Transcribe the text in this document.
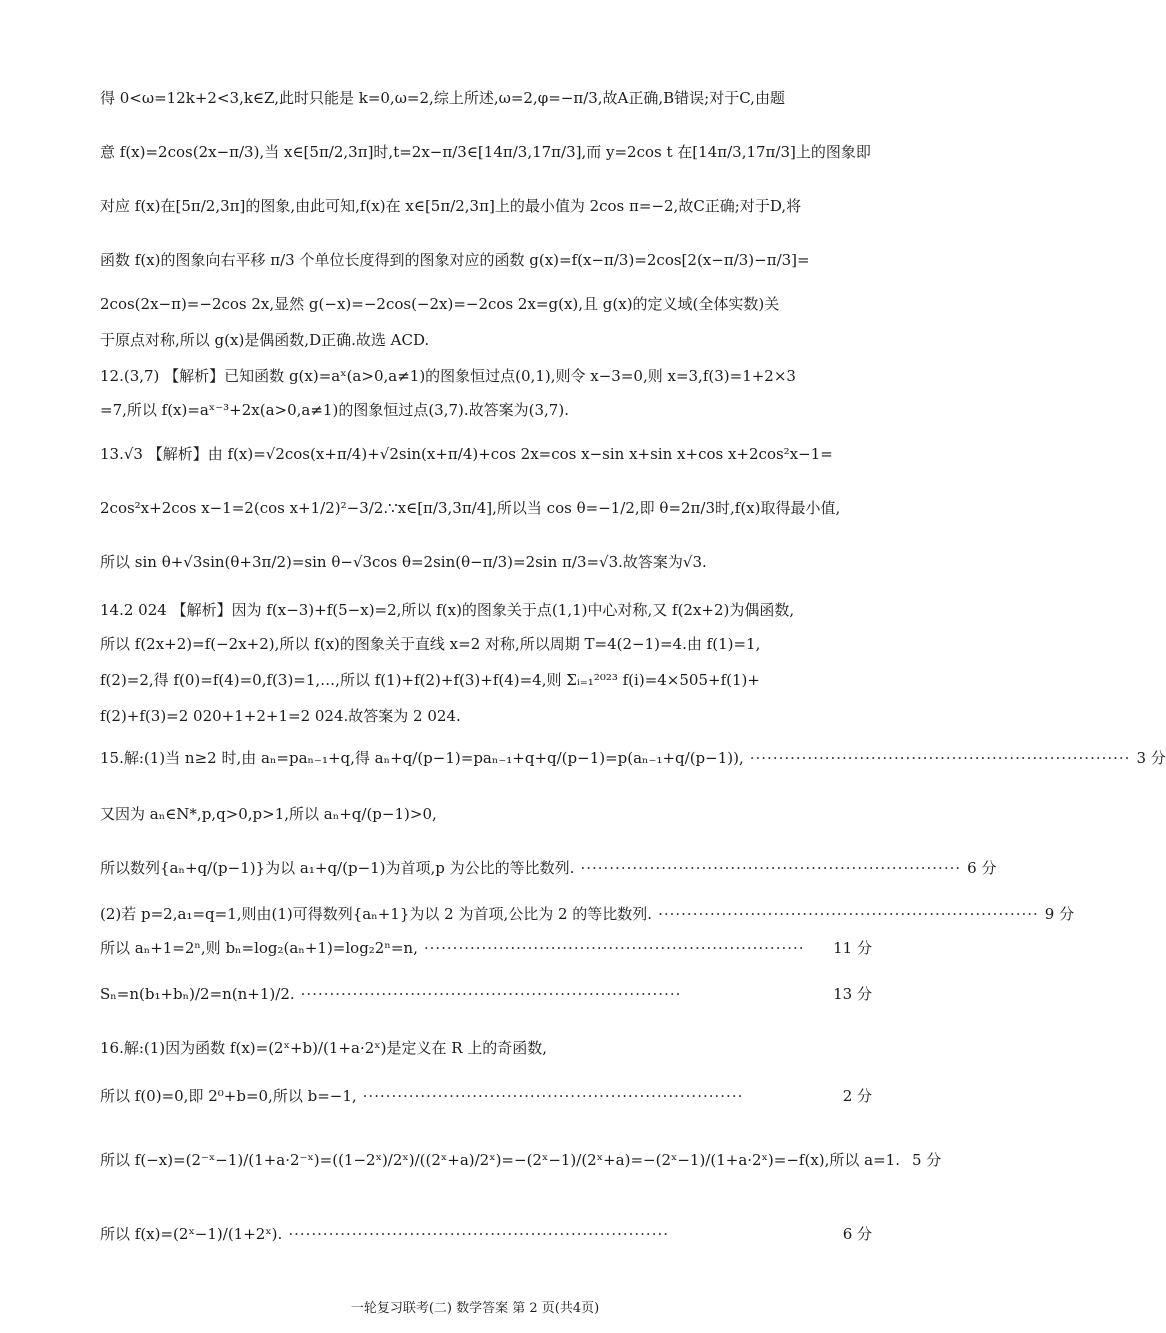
得 0<ω=12k+2<3,k∈Z,此时只能是 k=0,ω=2,综上所述,ω=2,φ=−π/3,故A正确,B错误;对于C,由题
意 f(x)=2cos(2x−π/3),当 x∈[5π/2,3π]时,t=2x−π/3∈[14π/3,17π/3],而 y=2cos t 在[14π/3,17π/3]上的图象即
对应 f(x)在[5π/2,3π]的图象,由此可知,f(x)在 x∈[5π/2,3π]上的最小值为 2cos π=−2,故C正确;对于D,将
函数 f(x)的图象向右平移 π/3 个单位长度得到的图象对应的函数 g(x)=f(x−π/3)=2cos[2(x−π/3)−π/3]=
2cos(2x−π)=−2cos 2x,显然 g(−x)=−2cos(−2x)=−2cos 2x=g(x),且 g(x)的定义域(全体实数)关
于原点对称,所以 g(x)是偶函数,D正确.故选 ACD.
12.(3,7) 【解析】已知函数 g(x)=aˣ(a>0,a≠1)的图象恒过点(0,1),则令 x−3=0,则 x=3,f(3)=1+2×3
=7,所以 f(x)=aˣ⁻³+2x(a>0,a≠1)的图象恒过点(3,7).故答案为(3,7).
13.√3 【解析】由 f(x)=√2cos(x+π/4)+√2sin(x+π/4)+cos 2x=cos x−sin x+sin x+cos x+2cos²x−1=
2cos²x+2cos x−1=2(cos x+1/2)²−3/2.∵x∈[π/3,3π/4],所以当 cos θ=−1/2,即 θ=2π/3时,f(x)取得最小值,
所以 sin θ+√3sin(θ+3π/2)=sin θ−√3cos θ=2sin(θ−π/3)=2sin π/3=√3.故答案为√3.
14.2 024 【解析】因为 f(x−3)+f(5−x)=2,所以 f(x)的图象关于点(1,1)中心对称,又 f(2x+2)为偶函数,
所以 f(2x+2)=f(−2x+2),所以 f(x)的图象关于直线 x=2 对称,所以周期 T=4(2−1)=4.由 f(1)=1,
f(2)=2,得 f(0)=f(4)=0,f(3)=1,…,所以 f(1)+f(2)+f(3)+f(4)=4,则 Σᵢ₌₁²⁰²³ f(i)=4×505+f(1)+
f(2)+f(3)=2 020+1+2+1=2 024.故答案为 2 024.
15.解:(1)当 n≥2 时,由 aₙ=paₙ₋₁+q,得 aₙ+q/(p−1)=paₙ₋₁+q+q/(p−1)=p(aₙ₋₁+q/(p−1)), ·································································· 3 分
又因为 aₙ∈N*,p,q>0,p>1,所以 aₙ+q/(p−1)>0,
所以数列{aₙ+q/(p−1)}为以 a₁+q/(p−1)为首项,p 为公比的等比数列. ·································································· 6 分
(2)若 p=2,a₁=q=1,则由(1)可得数列{aₙ+1}为以 2 为首项,公比为 2 的等比数列. ·································································· 9 分
所以 aₙ+1=2ⁿ,则 bₙ=log₂(aₙ+1)=log₂2ⁿ=n, ··································································	11 分
Sₙ=n(b₁+bₙ)/2=n(n+1)/2. ··································································	13 分
16.解:(1)因为函数 f(x)=(2ˣ+b)/(1+a·2ˣ)是定义在 R 上的奇函数,
所以 f(0)=0,即 2⁰+b=0,所以 b=−1, ··································································	2 分
所以 f(−x)=(2⁻ˣ−1)/(1+a·2⁻ˣ)=((1−2ˣ)/2ˣ)/((2ˣ+a)/2ˣ)=−(2ˣ−1)/(2ˣ+a)=−(2ˣ−1)/(1+a·2ˣ)=−f(x),所以 a=1. 5 分
所以 f(x)=(2ˣ−1)/(1+2ˣ). ··································································	6 分
一轮复习联考(二) 数学答案 第 2 页(共4页)
